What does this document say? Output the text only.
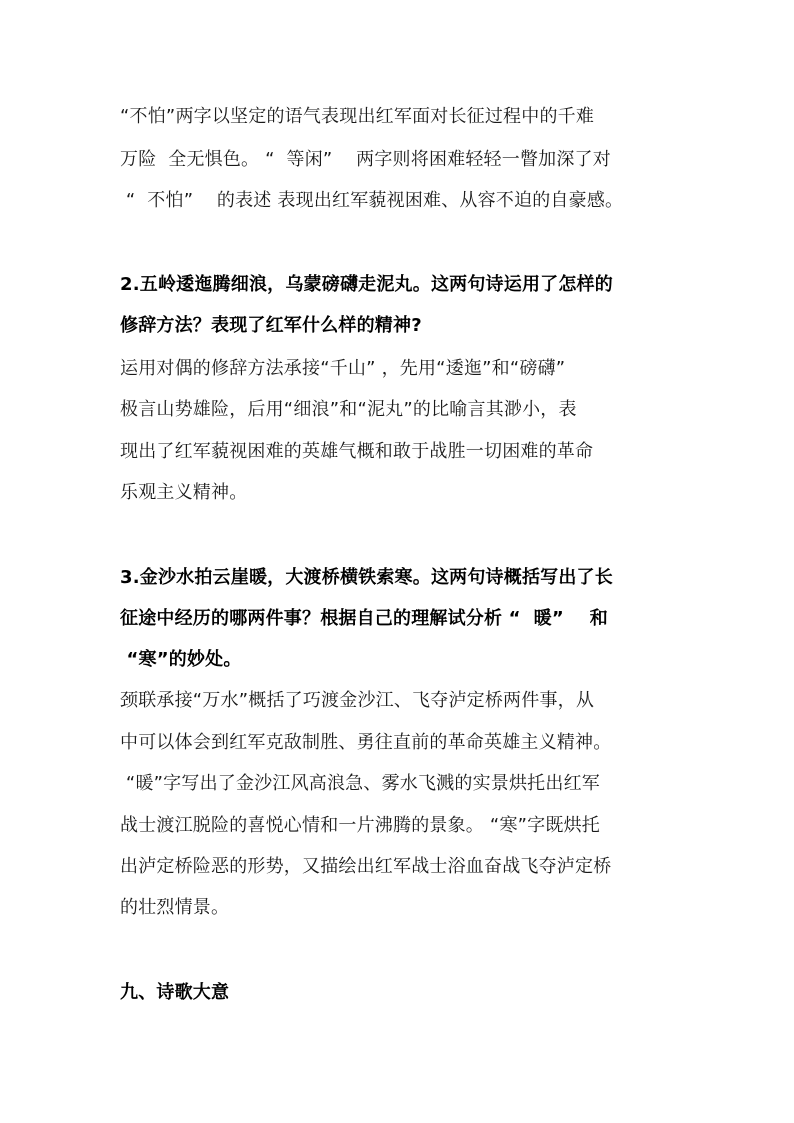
“不怕”两字以坚定的语气表现出红军面对长征过程中的千难
万险  全无惧色。 “  等闲”    两字则将困难轻轻一瞥加深了对
“  不怕”    的表述 表现出红军藐视困难、从容不迫的自豪感。
2.五岭逶迤腾细浪，乌蒙磅礴走泥丸。这两句诗运用了怎样的
修辞方法？表现了红军什么样的精神?
运用对偶的修辞方法承接“千山” ，先用“逶迤”和“磅礴”
极言山势雄险，后用“细浪”和“泥丸”的比喻言其渺小，表
现出了红军藐视困难的英雄气概和敢于战胜一切困难的革命
乐观主义精神。
3.金沙水拍云崖暖，大渡桥横铁索寒。这两句诗概括写出了长
征途中经历的哪两件事？根据自己的理解试分析 “  暖”    和
“寒”的妙处。
颈联承接“万水”概括了巧渡金沙江、飞夺泸定桥两件事，从
中可以体会到红军克敌制胜、勇往直前的革命英雄主义精神。
“暖”字写出了金沙江风高浪急、雾水飞溅的实景烘托出红军
战士渡江脱险的喜悦心情和一片沸腾的景象。 “寒”字既烘托
出泸定桥险恶的形势，又描绘出红军战士浴血奋战飞夺泸定桥
的壮烈情景。
九、诗歌大意
